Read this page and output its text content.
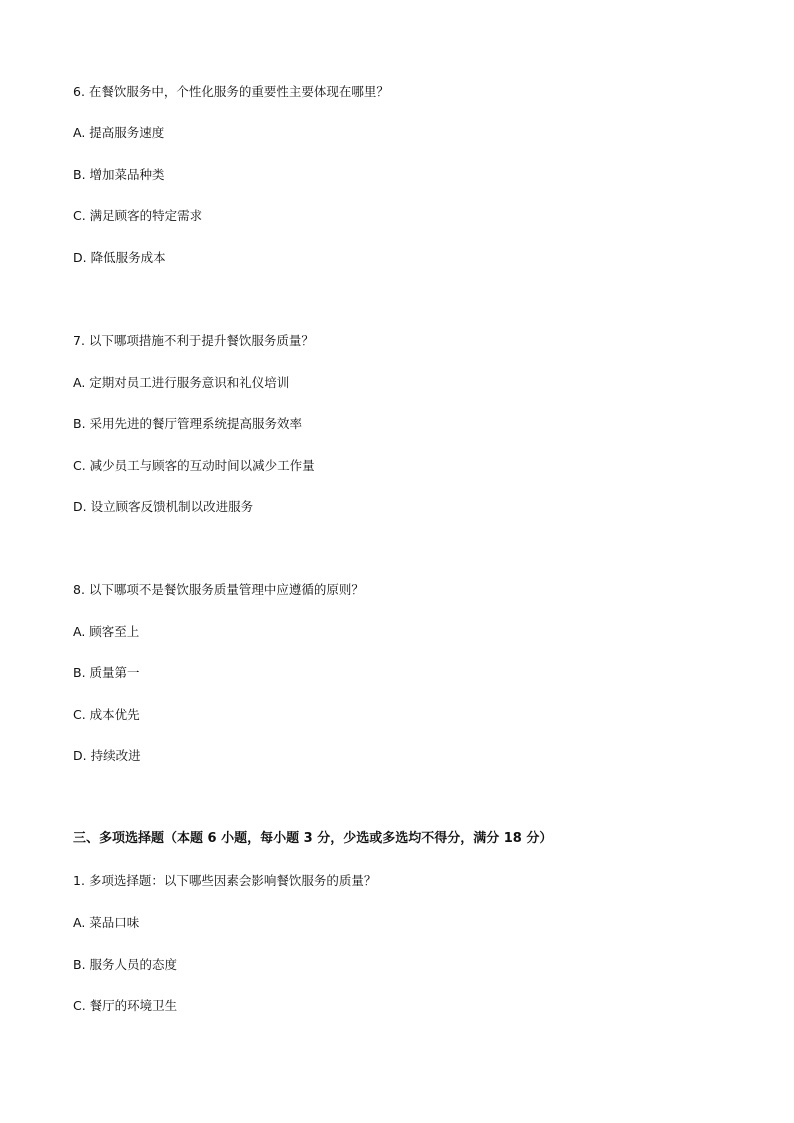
6. 在餐饮服务中，个性化服务的重要性主要体现在哪里？
A. 提高服务速度
B. 增加菜品种类
C. 满足顾客的特定需求
D. 降低服务成本
7. 以下哪项措施不利于提升餐饮服务质量？
A. 定期对员工进行服务意识和礼仪培训
B. 采用先进的餐厅管理系统提高服务效率
C. 减少员工与顾客的互动时间以减少工作量
D. 设立顾客反馈机制以改进服务
8. 以下哪项不是餐饮服务质量管理中应遵循的原则？
A. 顾客至上
B. 质量第一
C. 成本优先
D. 持续改进
三、多项选择题（本题 6 小题，每小题 3 分，少选或多选均不得分，满分 18 分）
1. 多项选择题：以下哪些因素会影响餐饮服务的质量？
A. 菜品口味
B. 服务人员的态度
C. 餐厅的环境卫生
